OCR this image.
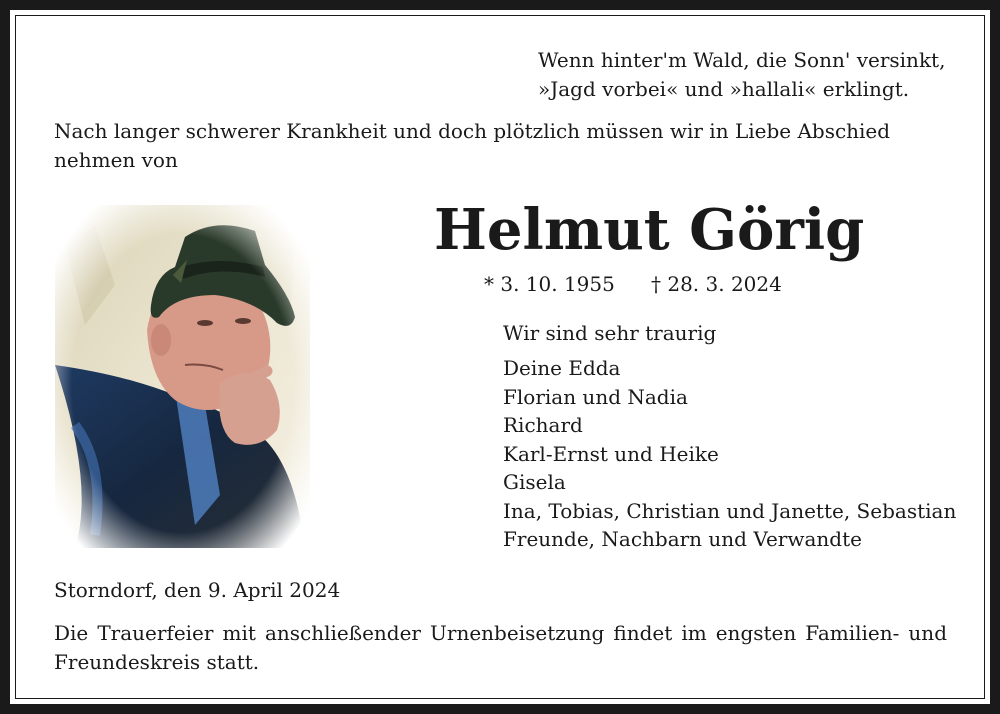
Wenn hinter'm Wald, die Sonn' versinkt,
»Jagd vorbei« und »hallali« erklingt.
Nach langer schwerer Krankheit und doch plötzlich müssen wir in Liebe Abschied
nehmen von
Helmut Görig
* 3. 10. 1955 † 28. 3. 2024
Wir sind sehr traurig
Deine Edda
Florian und Nadia
Richard
Karl-Ernst und Heike
Gisela
Ina, Tobias, Christian und Janette, Sebastian
Freunde, Nachbarn und Verwandte
Storndorf, den 9. April 2024
Die Trauerfeier mit anschließender Urnenbeisetzung findet im engsten Familien- und Freundeskreis statt.
